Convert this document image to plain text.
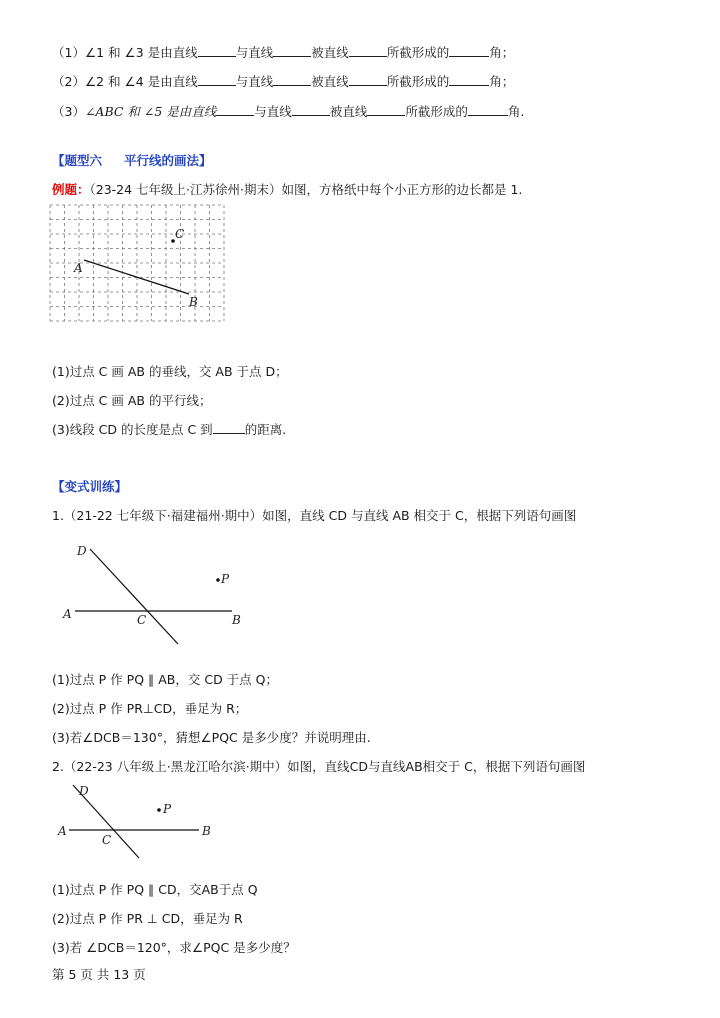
（1）∠1 和 ∠3 是由直线	与直线	被直线	所截形成的	角；
（2）∠2 和 ∠4 是由直线	与直线	被直线	所截形成的	角；
（3）∠ABC 和 ∠5 是由直线	与直线	被直线	所截形成的	角.
【题型六 平行线的画法】
例题：（23-24 七年级上·江苏徐州·期末）如图，方格纸中每个小正方形的边长都是 1.
C
A
B
(1)过点 C 画 AB 的垂线，交 AB 于点 D；
(2)过点 C 画 AB 的平行线；
(3)线段 CD 的长度是点 C 到	的距离.
【变式训练】
1.（21-22 七年级下·福建福州·期中）如图，直线 CD 与直线 AB 相交于 C，根据下列语句画图
D
P
A	C	B
(1)过点 P 作 PQ ∥ AB，交 CD 于点 Q；
(2)过点 P 作 PR⊥CD，垂足为 R；
(3)若∠DCB＝130°，猜想∠PQC 是多少度？并说明理由.
2.（22-23 八年级上·黑龙江哈尔滨·期中）如图，直线CD与直线AB相交于 C，根据下列语句画图
D
P
A
C
B
(1)过点 P 作 PQ ∥ CD，交AB于点 Q
(2)过点 P 作 PR ⊥ CD，垂足为 R
(3)若 ∠DCB＝120°，求∠PQC 是多少度？
第 5 页 共 13 页
